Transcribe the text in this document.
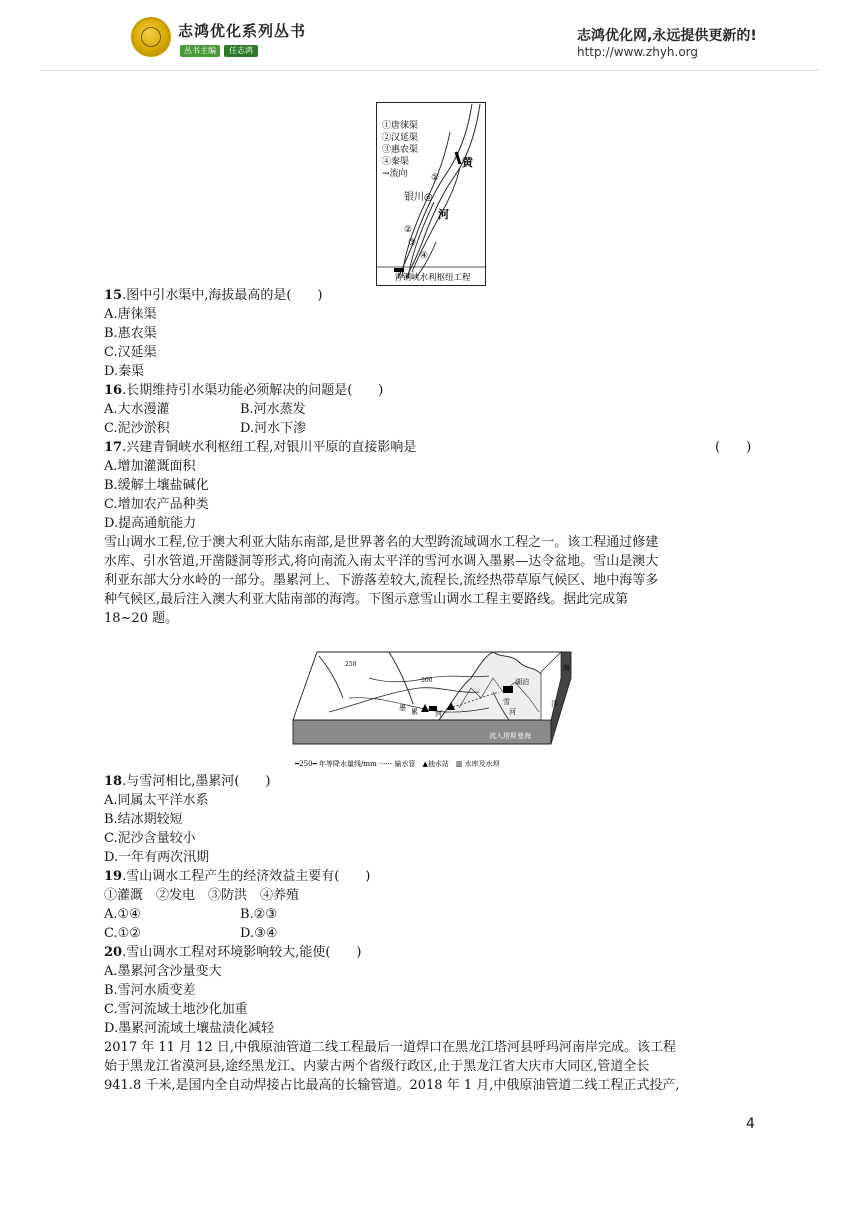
志鸿优化系列丛书
丛书主编	任志鸿
志鸿优化网,永远提供更新的!
http://www.zhyh.org
①唐徕渠
②汉延渠
③惠农渠
④秦渠
→流向
黄
河
银川◎
①
②
③
④
青铜峡水利枢纽工程
15.图中引水渠中,海拔最高的是(　　)
A.唐徕渠
B.惠农渠
C.汉延渠
D.秦渠
16.长期维持引水渠功能必须解决的问题是(　　)
A.大水漫灌	B.河水蒸发
C.泥沙淤积	D.河水下渗
17.兴建青铜峡水利枢纽工程,对银川平原的直接影响是	(　　)
A.增加灌溉面积
B.缓解土壤盐碱化
C.增加农产品种类
D.提高通航能力
雪山调水工程,位于澳大利亚大陆东南部,是世界著名的大型跨流域调水工程之一。该工程通过修建
水库、引水管道,开凿隧洞等形式,将向南流入南太平洋的雪河水调入墨累—达令盆地。雪山是澳大
利亚东部大分水岭的一部分。墨累河上、下游落差较大,流程长,流经热带草原气候区、地中海等多
种气候区,最后注入澳大利亚大陆南部的海湾。下图示意雪山调水工程主要路线。据此完成第
18~20 题。
湖泊
雪
河
海
洋
墨 累 河
流入塔斯曼海
250
500
━250━ 年等降水量线/mm ······ 输水管　▲抽水站　▥ 水库及水坝
18.与雪河相比,墨累河(　　)
A.同属太平洋水系
B.结冰期较短
C.泥沙含量较小
D.一年有两次汛期
19.雪山调水工程产生的经济效益主要有(　　)
①灌溉　②发电　③防洪　④养殖
A.①④	B.②③
C.①②	D.③④
20.雪山调水工程对环境影响较大,能使(　　)
A.墨累河含沙量变大
B.雪河水质变差
C.雪河流域土地沙化加重
D.墨累河流域土壤盐渍化减轻
2017 年 11 月 12 日,中俄原油管道二线工程最后一道焊口在黑龙江塔河县呼玛河南岸完成。该工程
始于黑龙江省漠河县,途经黑龙江、内蒙古两个省级行政区,止于黑龙江省大庆市大同区,管道全长
941.8 千米,是国内全自动焊接占比最高的长输管道。2018 年 1 月,中俄原油管道二线工程正式投产,
4
